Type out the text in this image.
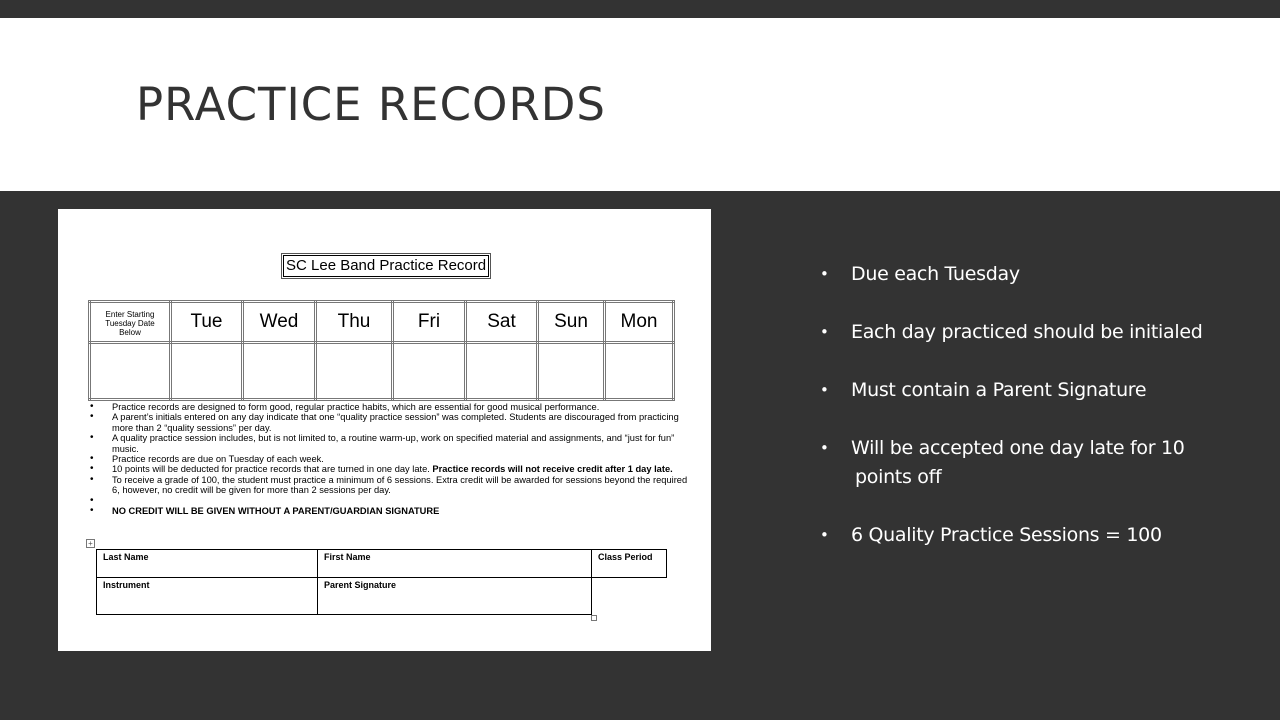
PRACTICE RECORDS
SC Lee Band Practice Record
Enter Starting
Tuesday Date
Below	Tue	Wed	Thu	Fri	Sat	Sun	Mon

• Practice records are designed to form good, regular practice habits, which are essential for good musical performance.
• A parent’s initials entered on any day indicate that one “quality practice session” was completed. Students are discouraged from practicing more than 2 “quality sessions” per day.
• A quality practice session includes, but is not limited to, a routine warm-up, work on specified material and assignments, and “just for fun” music.
• Practice records are due on Tuesday of each week.
• 10 points will be deducted for practice records that are turned in one day late. Practice records will not receive credit after 1 day late.
• To receive a grade of 100, the student must practice a minimum of 6 sessions. Extra credit will be awarded for sessions beyond the required 6, however, no credit will be given for more than 2 sessions per day.
•
• NO CREDIT WILL BE GIVEN WITHOUT A PARENT/GUARDIAN SIGNATURE
+
Last Name	First Name	Class Period
Instrument	Parent Signature	
• Due each Tuesday
• Each day practiced should be initialed
• Must contain a Parent Signature
• Will be accepted one day late for 10
points off
• 6 Quality Practice Sessions = 100
